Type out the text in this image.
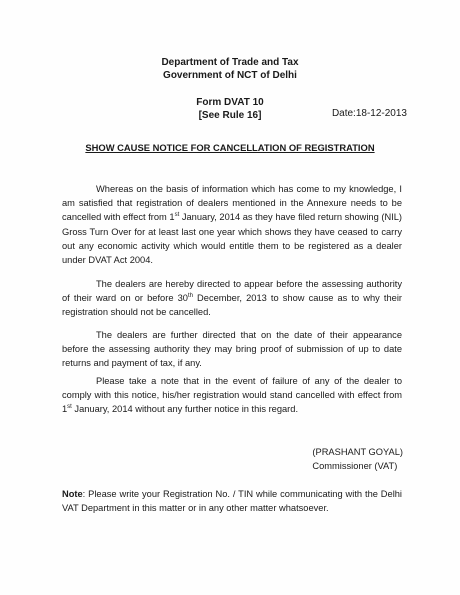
Department of Trade and Tax
Government of NCT of Delhi
Form DVAT 10
[See Rule 16]	Date:18-12-2013
SHOW CAUSE NOTICE FOR CANCELLATION OF REGISTRATION
Whereas on the basis of information which has come to my knowledge, I am satisfied that registration of dealers mentioned in the Annexure needs to be cancelled with effect from 1st January, 2014 as they have filed return showing (NIL) Gross Turn Over for at least last one year which shows they have ceased to carry out any economic activity which would entitle them to be registered as a dealer under DVAT Act 2004.
The dealers are hereby directed to appear before the assessing authority of their ward on or before 30th December, 2013 to show cause as to why their registration should not be cancelled.
The dealers are further directed that on the date of their appearance before the assessing authority they may bring proof of submission of up to date returns and payment of tax, if any.
Please take a note that in the event of failure of any of the dealer to comply with this notice, his/her registration would stand cancelled with effect from 1st January, 2014 without any further notice in this regard.
(PRASHANT GOYAL)
Commissioner (VAT)
Note: Please write your Registration No. / TIN while communicating with the Delhi VAT Department in this matter or in any other matter whatsoever.
